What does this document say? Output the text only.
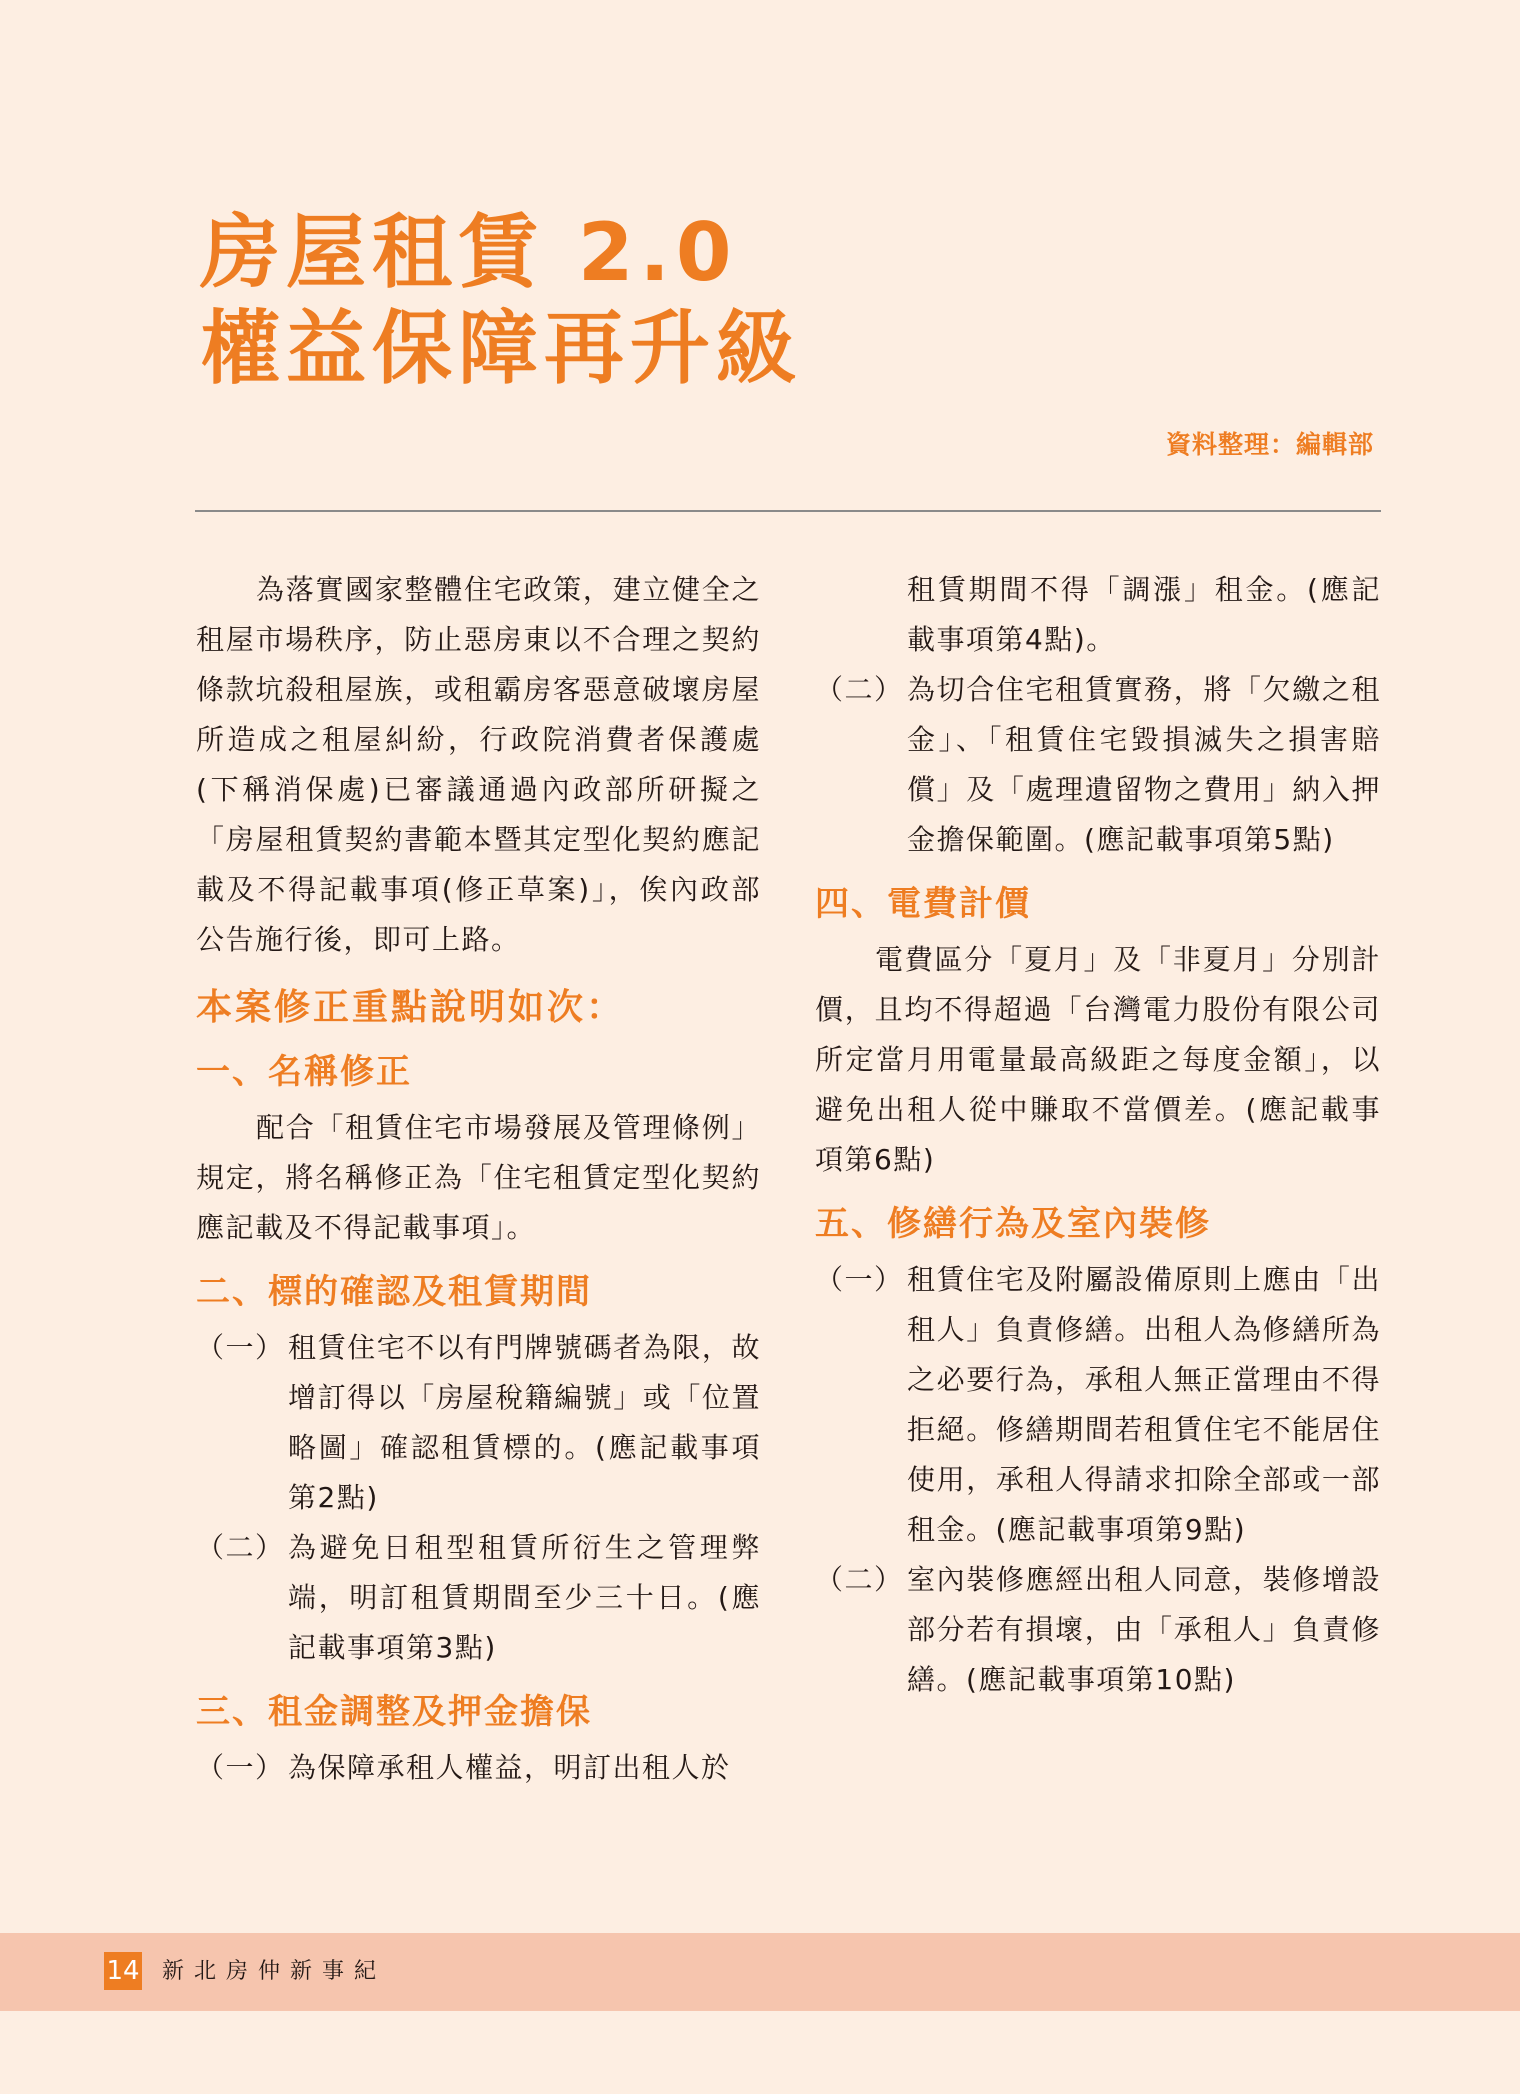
房屋租賃 2.0
權益保障再升級
資料整理：編輯部

為落實國家整體住宅政策，建立健全之租屋市場秩序，防止惡房東以不合理之契約條款坑殺租屋族，或租霸房客惡意破壞房屋所造成之租屋糾紛，行政院消費者保護處(下稱消保處)已審議通過內政部所研擬之「房屋租賃契約書範本暨其定型化契約應記載及不得記載事項(修正草案)」，俟內政部公告施行後，即可上路。

本案修正重點說明如次：
一、名稱修正

配合「租賃住宅市場發展及管理條例」規定，將名稱修正為「住宅租賃定型化契約應記載及不得記載事項」。

二、標的確認及租賃期間
（一） 租賃住宅不以有門牌號碼者為限，故增訂得以「房屋稅籍編號」或「位置略圖」確認租賃標的。(應記載事項第2點)
（二） 為避免日租型租賃所衍生之管理弊端，明訂租賃期間至少三十日。(應記載事項第3點)
三、租金調整及押金擔保
（一） 為保障承租人權益，明訂出租人於

租賃期間不得「調漲」租金。(應記載事項第4點)。

（二） 為切合住宅租賃實務，將「欠繳之租金」、「租賃住宅毀損滅失之損害賠償」及「處理遺留物之費用」納入押金擔保範圍。(應記載事項第5點)
四、電費計價

電費區分「夏月」及「非夏月」分別計價，且均不得超過「台灣電力股份有限公司所定當月用電量最高級距之每度金額」，以避免出租人從中賺取不當價差。(應記載事項第6點)

五、修繕行為及室內裝修
（一） 租賃住宅及附屬設備原則上應由「出租人」負責修繕。出租人為修繕所為之必要行為，承租人無正當理由不得拒絕。修繕期間若租賃住宅不能居住使用，承租人得請求扣除全部或一部租金。(應記載事項第9點)
（二） 室內裝修應經出租人同意，裝修增設部分若有損壞，由「承租人」負責修繕。(應記載事項第10點)
14 新北房仲新事紀
